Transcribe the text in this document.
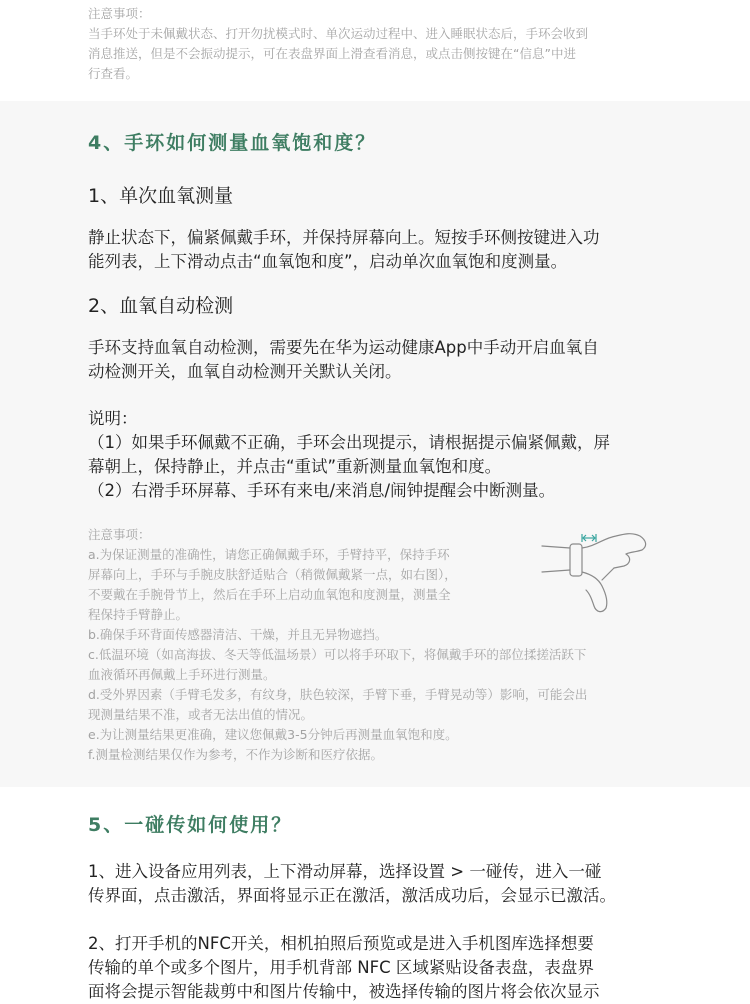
注意事项：
当手环处于未佩戴状态、打开勿扰模式时、单次运动过程中、进入睡眠状态后，手环会收到
消息推送，但是不会振动提示，可在表盘界面上滑查看消息，或点击侧按键在“信息”中进
行查看。
4、手环如何测量血氧饱和度？
1、单次血氧测量
静止状态下，偏紧佩戴手环，并保持屏幕向上。短按手环侧按键进入功
能列表，上下滑动点击“血氧饱和度”，启动单次血氧饱和度测量。
2、血氧自动检测
手环支持血氧自动检测，需要先在华为运动健康App中手动开启血氧自
动检测开关，血氧自动检测开关默认关闭。
说明：
（1）如果手环佩戴不正确，手环会出现提示，请根据提示偏紧佩戴，屏
幕朝上，保持静止，并点击“重试”重新测量血氧饱和度。
（2）右滑手环屏幕、手环有来电/来消息/闹钟提醒会中断测量。
注意事项：
a.为保证测量的准确性，请您正确佩戴手环，手臂持平，保持手环
屏幕向上，手环与手腕皮肤舒适贴合（稍微佩戴紧一点，如右图），
不要戴在手腕骨节上，然后在手环上启动血氧饱和度测量，测量全
程保持手臂静止。
b.确保手环背面传感器清洁、干燥，并且无异物遮挡。
c.低温环境（如高海拔、冬天等低温场景）可以将手环取下，将佩戴手环的部位揉搓活跃下
血液循环再佩戴上手环进行测量。
d.受外界因素（手臂毛发多，有纹身，肤色较深，手臂下垂，手臂晃动等）影响，可能会出
现测量结果不准，或者无法出值的情况。
e.为让测量结果更准确，建议您佩戴3-5分钟后再测量血氧饱和度。
f.测量检测结果仅作为参考，不作为诊断和医疗依据。
5、一碰传如何使用？
1、进入设备应用列表，上下滑动屏幕，选择设置 > 一碰传，进入一碰
传界面，点击激活，界面将显示正在激活，激活成功后，会显示已激活。
2、打开手机的NFC开关，相机拍照后预览或是进入手机图库选择想要
传输的单个或多个图片，用手机背部 NFC 区域紧贴设备表盘，表盘界
面将会提示智能裁剪中和图片传输中，被选择传输的图片将会依次显示
